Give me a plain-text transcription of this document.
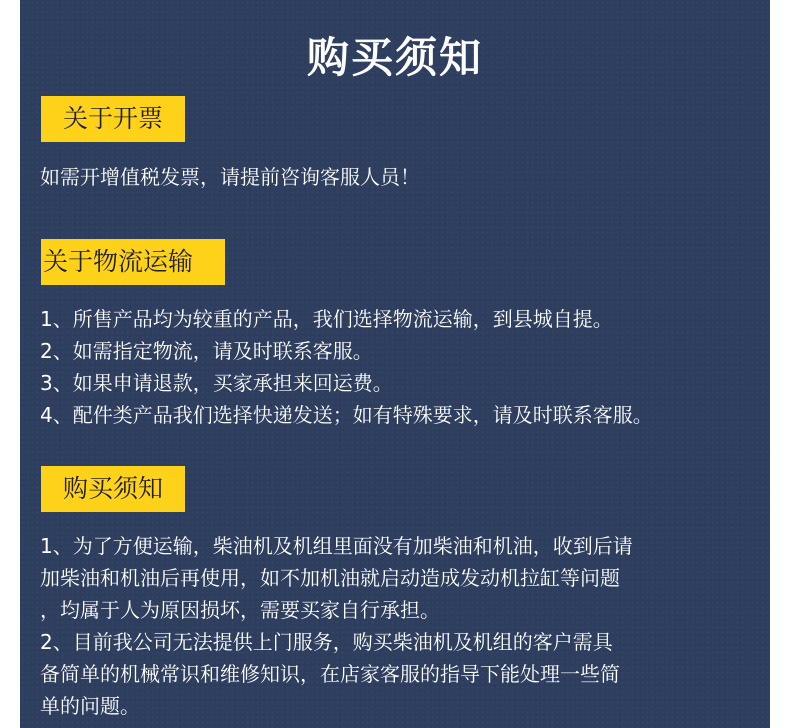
购买须知
关于开票
如需开增值税发票，请提前咨询客服人员！
关于物流运输
1、所售产品均为较重的产品，我们选择物流运输，到县城自提。
2、如需指定物流，请及时联系客服。
3、如果申请退款，买家承担来回运费。
4、配件类产品我们选择快递发送；如有特殊要求，请及时联系客服。
购买须知
1、为了方便运输，柴油机及机组里面没有加柴油和机油，收到后请
加柴油和机油后再使用，如不加机油就启动造成发动机拉缸等问题
，均属于人为原因损坏，需要买家自行承担。
2、目前我公司无法提供上门服务，购买柴油机及机组的客户需具
备简单的机械常识和维修知识，在店家客服的指导下能处理一些简
单的问题。
